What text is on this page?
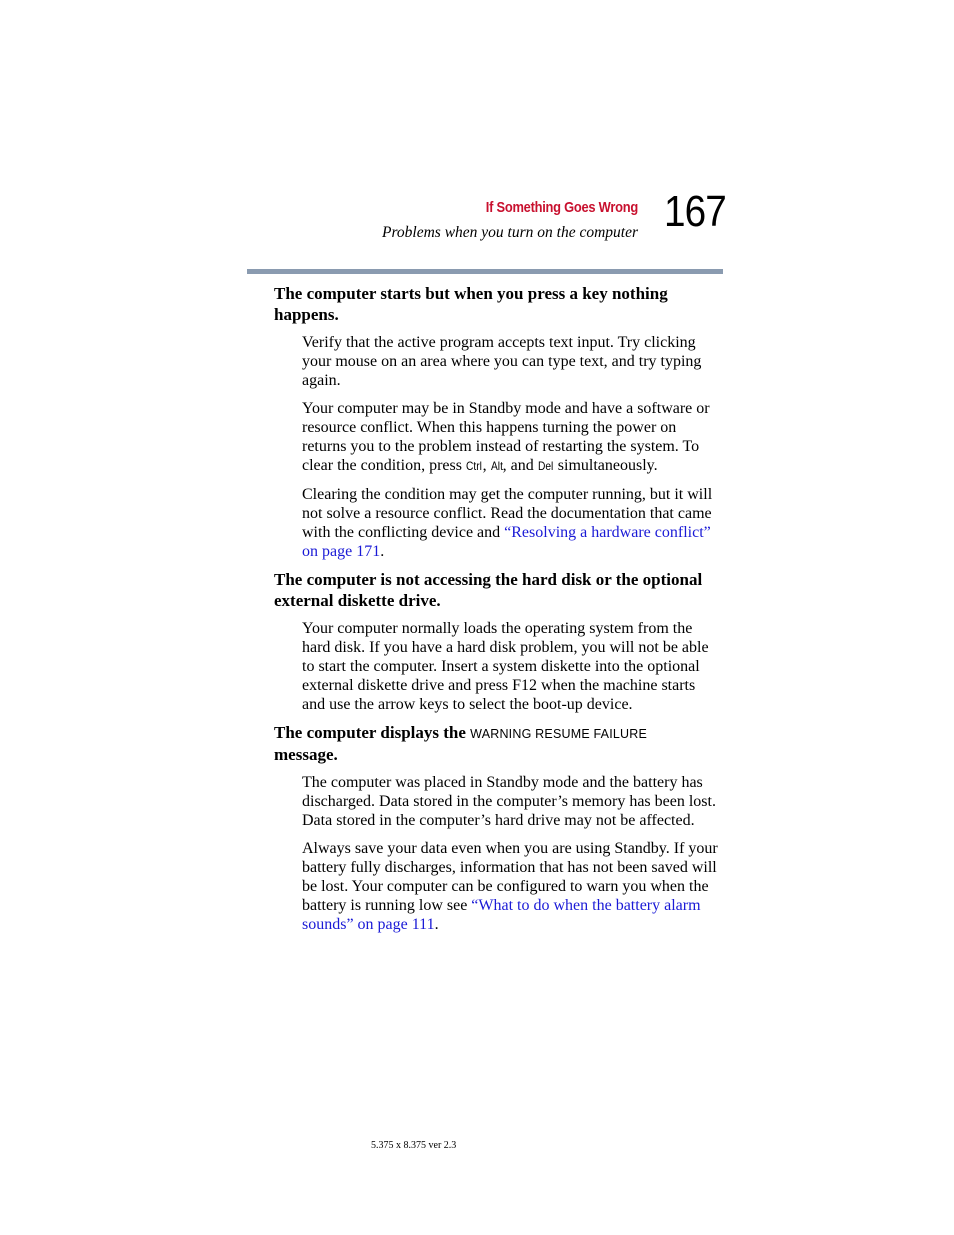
If Something Goes Wrong
Problems when you turn on the computer 167
The computer starts but when you press a key nothing happens.

Verify that the active program accepts text input. Try clicking your mouse on an area where you can type text, and try typing again.

Your computer may be in Standby mode and have a software or resource conflict. When this happens turning the power on returns you to the problem instead of restarting the system. To clear the condition, press Ctrl, Alt, and Del simultaneously.

Clearing the condition may get the computer running, but it will not solve a resource conflict. Read the documentation that came with the conflicting device and “Resolving a hardware conflict” on page 171.

The computer is not accessing the hard disk or the optional external diskette drive.

Your computer normally loads the operating system from the hard disk. If you have a hard disk problem, you will not be able to start the computer. Insert a system diskette into the optional external diskette drive and press F12 when the machine starts and use the arrow keys to select the boot-up device.

The computer displays the WARNING RESUME FAILURE
message.

The computer was placed in Standby mode and the battery has discharged. Data stored in the computer’s memory has been lost. Data stored in the computer’s hard drive may not be affected.

Always save your data even when you are using Standby. If your battery fully discharges, information that has not been saved will be lost. Your computer can be configured to warn you when the battery is running low see “What to do when the battery alarm sounds” on page 111.

5.375 x 8.375 ver 2.3
